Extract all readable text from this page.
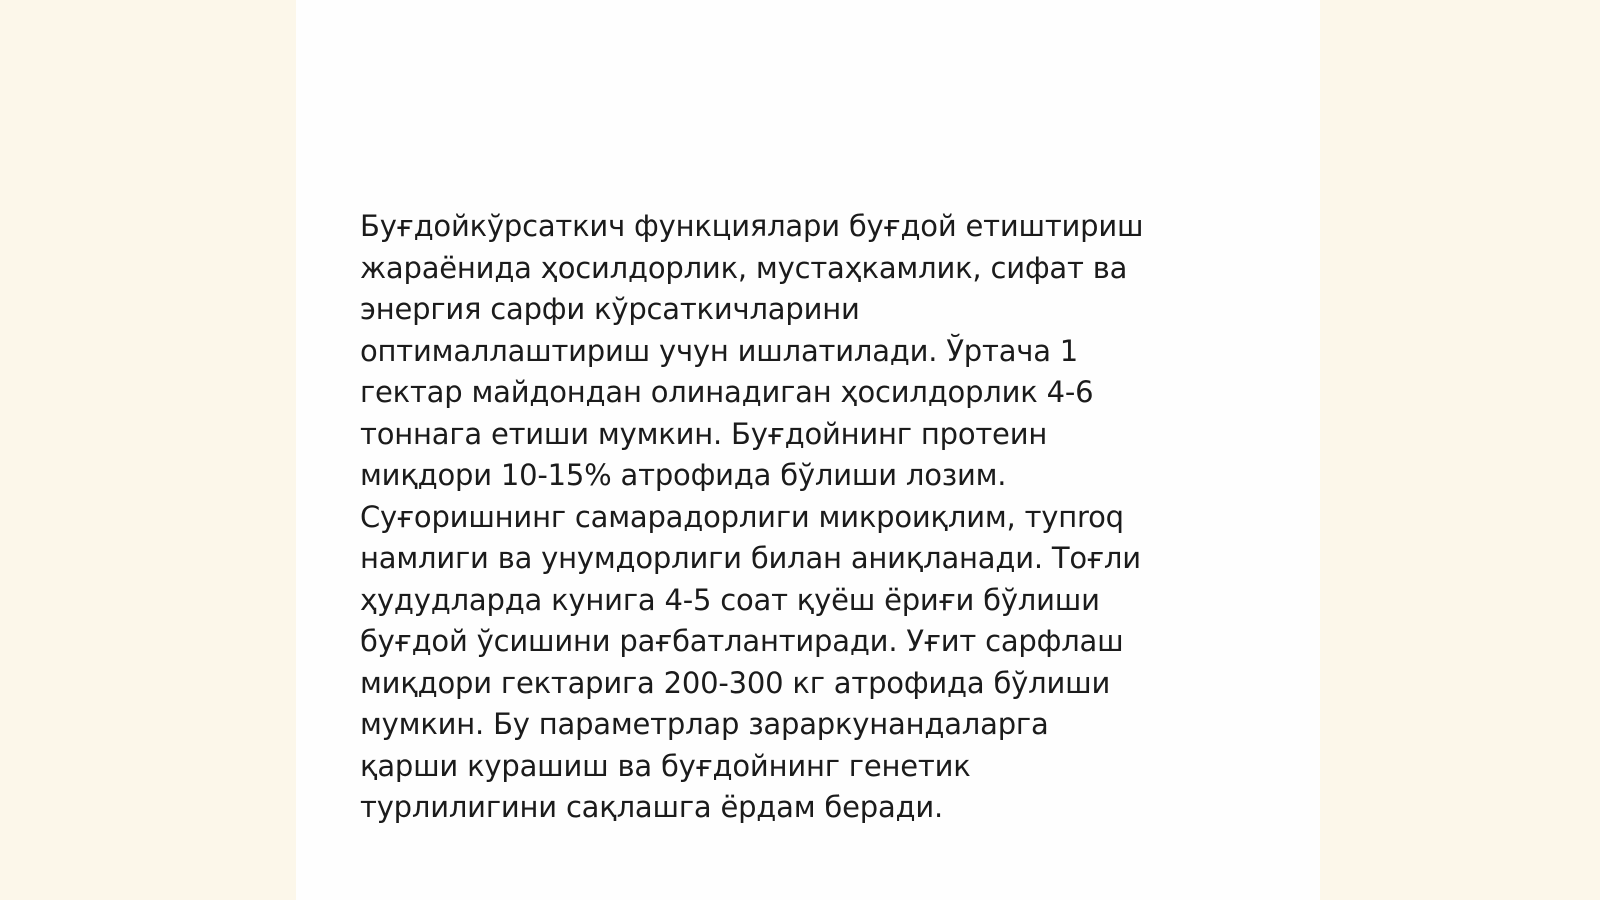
Буғдойкўрсаткич функциялари буғдой етиштириш
жараёнида ҳосилдорлик, мустаҳкамлик, сифат ва
энергия сарфи кўрсаткичларини
оптималлаштириш учун ишлатилади. Ўртача 1
гектар майдондан олинадиган ҳосилдорлик 4-6
тоннага етиши мумкин. Буғдойнинг протеин
миқдори 10-15% атрофида бўлиши лозим.
Суғоришнинг самарадорлиги микроиқлим, тупroq
намлиги ва унумдорлиги билан аниқланади. Тоғли
ҳудудларда кунига 4-5 соат қуёш ёриғи бўлиши
буғдой ўсишини рағбатлантиради. Уғит сарфлаш
миқдори гектарига 200-300 кг атрофида бўлиши
мумкин. Бу параметрлар зараркунандаларга
қарши курашиш ва буғдойнинг генетик
турлилигини сақлашга ёрдам беради.
